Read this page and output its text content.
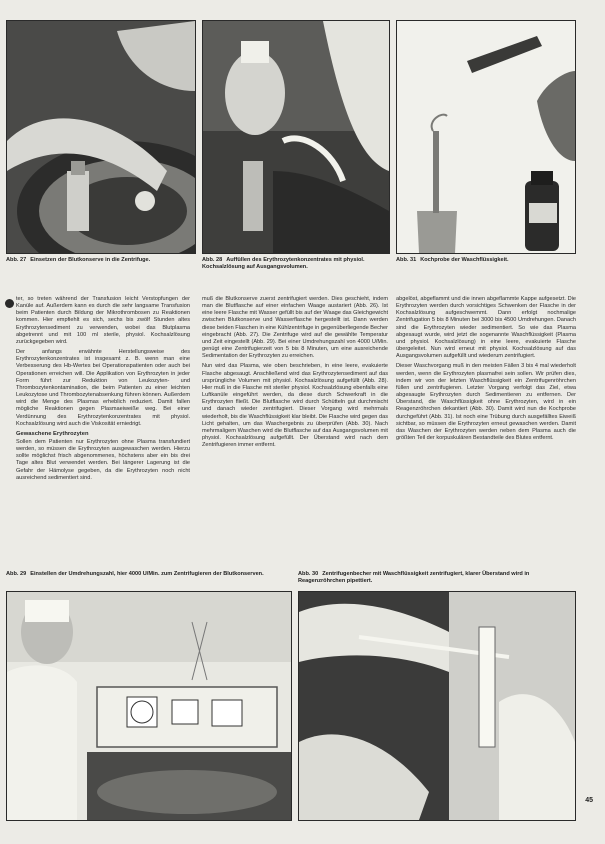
Abb. 27 Einsetzen der Blutkonserve in die Zentrifuge.	Abb. 28 Auffüllen des Erythrozytenkonzentrates mit physiol. Kochsalzlösung auf Ausgangsvolumen.
Abb. 31 Kochprobe der Waschflüssigkeit.

ter, so treten während der Transfusion leicht Verstopfungen der Kanüle auf. Außerdem kann es durch die sehr langsame Transfusion beim Patienten durch Bildung der Mikrothrombosen zu Reaktionen kommen. Hier empfiehlt es sich, sechs bis zwölf Stunden altes Erythrozytensediment zu verwenden, wobei das Blutplasma abgetrennt und mit 100 ml sterile, physiol. Kochsalzlösung zurückgegeben wird.

Der anfangs erwähnte Herstellungsweise des Erythrozytenkonzentrates ist insgesamt z. B. wenn man eine Verbesserung des Hb-Wertes bei Operationspatienten oder auch bei Operationen erreichen will. Die Applikation von Erythrozyten in jeder Form führt zur Reduktion von Leukozyten- und Thrombozytenkontamination, die beim Patienten zu einer leichten Leukozytose und Thrombozytenabsenkung führen können. Außerdem wird die Menge des Plasmas erheblich reduziert. Damit fallen mögliche Reaktionen gegen Plasmaeiweiße weg. Bei einer Verdünnung des Erythrozytenkonzentrates mit physiol. Kochsalzlösung wird auch die Viskosität erniedrigt.

Gewaschene Erythrozyten

Sollen dem Patienten nur Erythrozyten ohne Plasma transfundiert werden, so müssen die Erythrozyten ausgewaschen werden. Hierzu sollte möglichst frisch abgenommenes, höchstens aber ein bis drei Tage altes Blut verwendet werden. Bei längerer Lagerung ist die Gefahr der Hämolyse gegeben, da die Erythrozyten noch nicht ausreichend sedimentiert sind.

muß die Blutkonserve zuerst zentrifugiert werden. Dies geschieht, indem man die Blutflasche auf einer einfachen Waage austariert (Abb. 26). Ist eine leere Flasche mit Wasser gefüllt bis auf der Waage das Gleichgewicht zwischen Blutkonserve und Wasserflasche hergestellt ist. Dann werden diese beiden Flaschen in eine Kühlzentrifuge in gegenüberliegende Becher eingebracht (Abb. 27). Die Zentrifuge wird auf die gewählte Temperatur und Zeit eingestellt (Abb. 29). Bei einer Umdrehungszahl von 4000 U/Min. genügt eine Zentrifugierzeit von 5 bis 8 Minuten, um eine ausreichende Sedimentation der Erythrozyten zu erreichen.

Nun wird das Plasma, wie oben beschrieben, in eine leere, evakuierte Flasche abgesaugt. Anschließend wird das Erythrozytensediment auf das ursprüngliche Volumen mit physiol. Kochsalzlösung aufgefüllt (Abb. 28). Hier muß in die Flasche mit steriler physiol. Kochsalzlösung ebenfalls eine Luftkanüle eingeführt werden, da diese durch Schwerkraft in die Erythrozyten fließt. Die Blutflasche wird durch Schütteln gut durchmischt und danach wieder zentrifugiert. Dieser Vorgang wird mehrmals wiederholt, bis die Waschflüssigkeit klar bleibt. Die Flasche wird gegen das Licht gehalten, um das Waschergebnis zu überprüfen (Abb. 30). Nach mehrmaligem Waschen wird die Blutflasche auf das Ausgangsvolumen mit physiol. Kochsalzlösung aufgefüllt. Der Überstand wird nach dem Zentrifugieren immer entfernt.

abgelöst, abgeflammt und die innen abgeflammte Kappe aufgesetzt. Die Erythrozyten werden durch vorsichtiges Schwenken der Flasche in der Kochsalzlösung aufgeschwemmt. Dann erfolgt nochmalige Zentrifugation 5 bis 8 Minuten bei 3000 bis 4500 Umdrehungen. Danach sind die Erythrozyten wieder sedimentiert. So wie das Plasma abgesaugt wurde, wird jetzt die sogenannte Waschflüssigkeit (Plasma und physiol. Kochsalzlösung) in eine leere, evakuierte Flasche übergeleitet. Nun wird erneut mit physiol. Kochsalzlösung auf das Ausgangsvolumen aufgefüllt und wiederum zentrifugiert.

Dieser Waschvorgang muß in den meisten Fällen 3 bis 4 mal wiederholt werden, wenn die Erythrozyten plasmafrei sein sollen. Wir prüfen dies, indem wir von der letzten Waschflüssigkeit ein Zentrifugenröhrchen füllen und zentrifugieren. Letzter Vorgang verfolgt das Ziel, etwa abgesaugte Erythrozyten durch Sedimentieren zu entfernen. Der Überstand, die Waschflüssigkeit ohne Erythrozyten, wird in ein Reagenzröhrchen dekantiert (Abb. 30). Damit wird nun die Kochprobe durchgeführt (Abb. 31). Ist noch eine Trübung durch ausgefälltes Eiweiß sichtbar, so müssen die Erythrozyten erneut gewaschen werden. Damit das Waschen der Erythrozyten werden neben dem Plasma auch die größten Teil der korpuskulären Bestandteile des Blutes entfernt.

Abb. 29 Einstellen der Umdrehungszahl, hier 4000 U/Min. zum Zentrifugieren der Blutkonserven.	Abb. 30 Zentrifugenbecher mit Waschflüssigkeit zentrifugiert, klarer Überstand wird in Reagenzröhrchen pipettiert.
45
